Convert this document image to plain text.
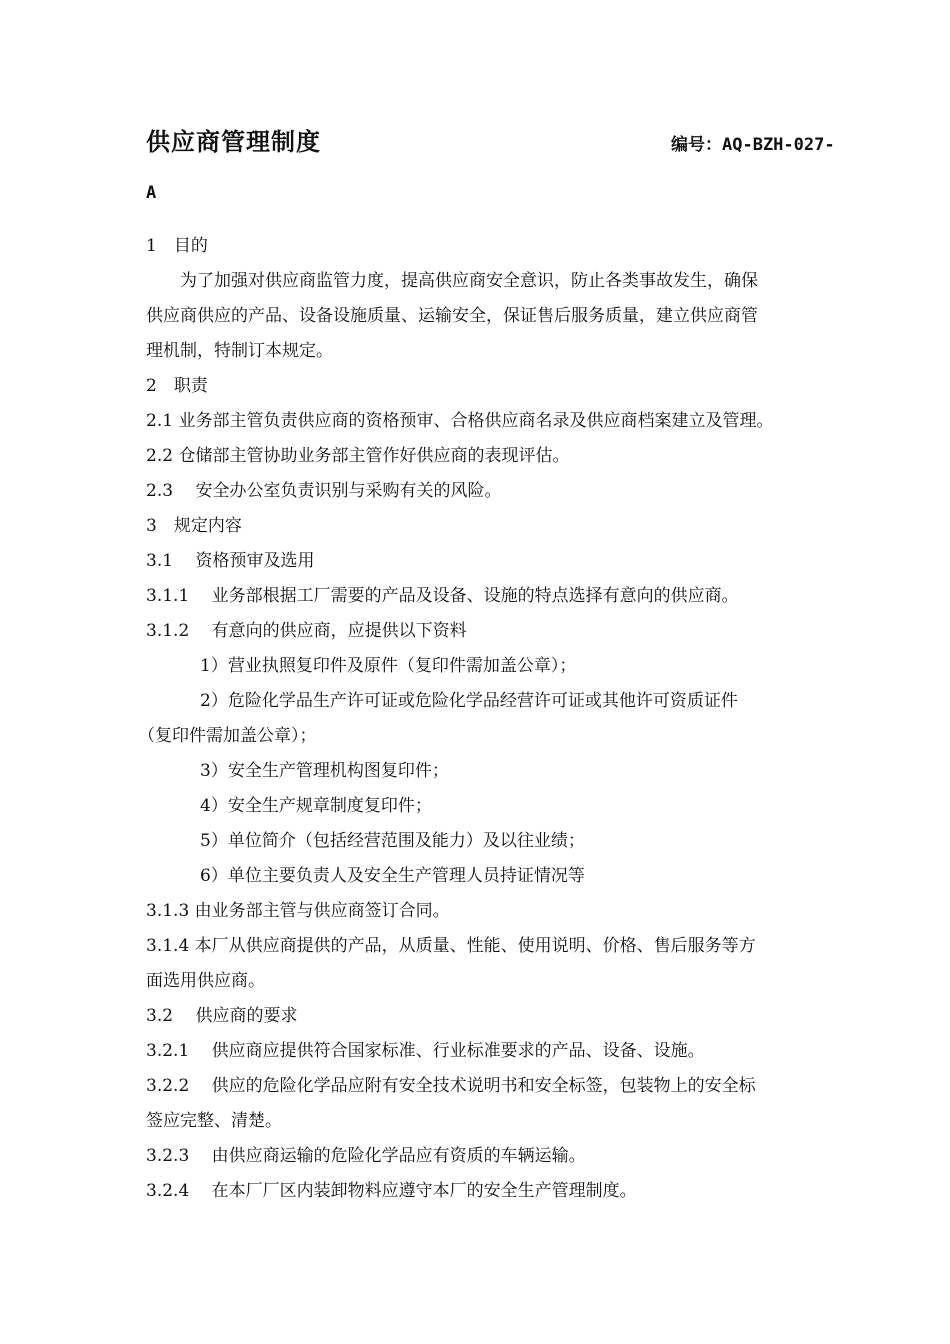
供应商管理制度	编号：AQ-BZH-027-
A
1　目的
为了加强对供应商监管力度，提高供应商安全意识，防止各类事故发生，确保
供应商供应的产品、设备设施质量、运输安全，保证售后服务质量，建立供应商管
理机制，特制订本规定。
2　职责
2.1 业务部主管负责供应商的资格预审、合格供应商名录及供应商档案建立及管理。
2.2 仓储部主管协助业务部主管作好供应商的表现评估。
2.3　 安全办公室负责识别与采购有关的风险。
3　规定内容
3.1　 资格预审及选用
3.1.1　 业务部根据工厂需要的产品及设备、设施的特点选择有意向的供应商。
3.1.2　 有意向的供应商，应提供以下资料
1）营业执照复印件及原件（复印件需加盖公章）；
2）危险化学品生产许可证或危险化学品经营许可证或其他许可资质证件
（复印件需加盖公章）；
3）安全生产管理机构图复印件；
4）安全生产规章制度复印件；
5）单位简介（包括经营范围及能力）及以往业绩；
6）单位主要负责人及安全生产管理人员持证情况等
3.1.3 由业务部主管与供应商签订合同。
3.1.4 本厂从供应商提供的产品，从质量、性能、使用说明、价格、售后服务等方
面选用供应商。
3.2　 供应商的要求
3.2.1　 供应商应提供符合国家标准、行业标准要求的产品、设备、设施。
3.2.2　 供应的危险化学品应附有安全技术说明书和安全标签，包装物上的安全标
签应完整、清楚。
3.2.3　 由供应商运输的危险化学品应有资质的车辆运输。
3.2.4　 在本厂厂区内装卸物料应遵守本厂的安全生产管理制度。
